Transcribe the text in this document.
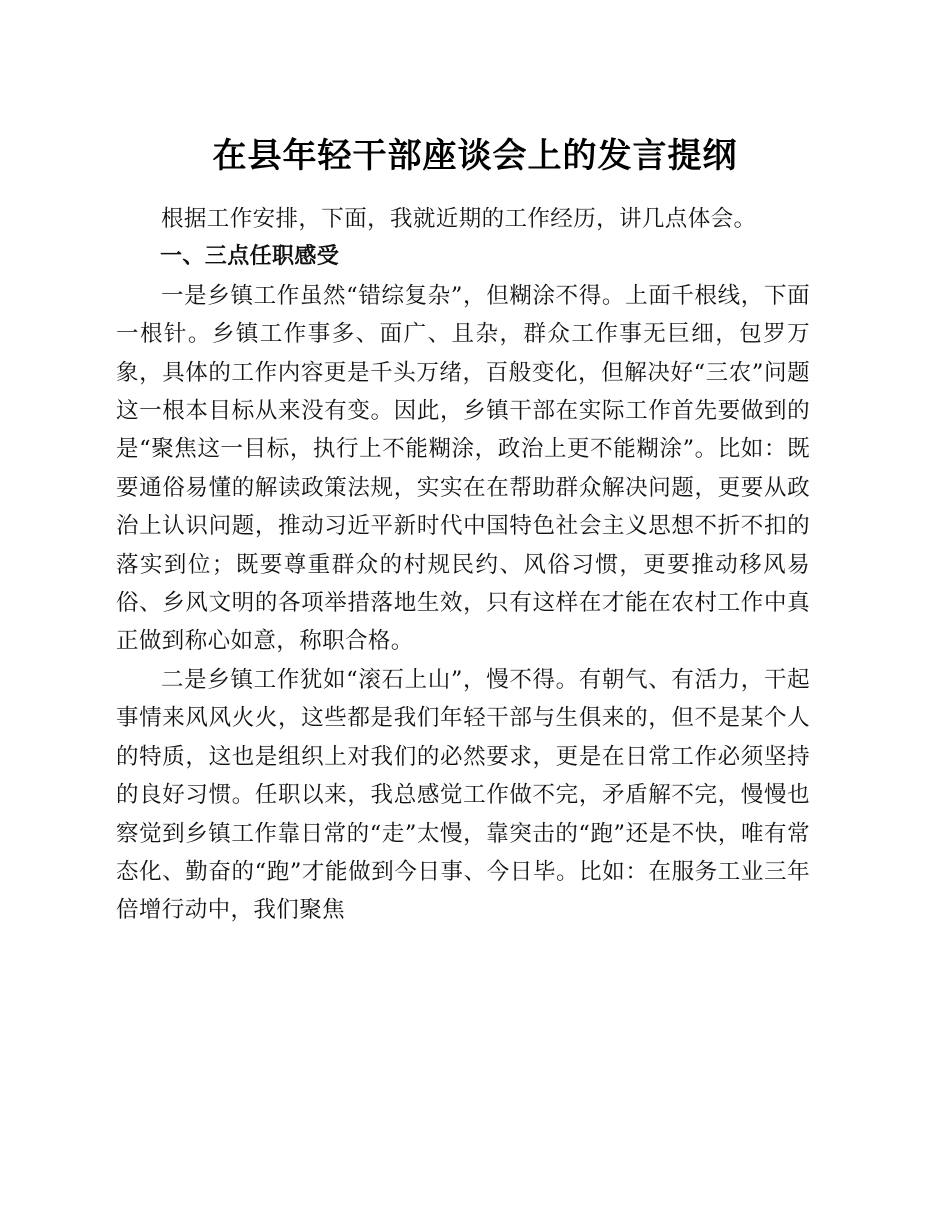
在县年轻干部座谈会上的发言提纲

根据工作安排，下面，我就近期的工作经历，讲几点体会。

一、三点任职感受

一是乡镇工作虽然“错综复杂”，但糊涂不得。上面千根线，下面一根针。乡镇工作事多、面广、且杂，群众工作事无巨细，包罗万象，具体的工作内容更是千头万绪，百般变化，但解决好“三农”问题这一根本目标从来没有变。因此，乡镇干部在实际工作首先要做到的是“聚焦这一目标，执行上不能糊涂，政治上更不能糊涂”。比如：既要通俗易懂的解读政策法规，实实在在帮助群众解决问题，更要从政治上认识问题，推动习近平新时代中国特色社会主义思想不折不扣的落实到位；既要尊重群众的村规民约、风俗习惯，更要推动移风易俗、乡风文明的各项举措落地生效，只有这样在才能在农村工作中真正做到称心如意，称职合格。

二是乡镇工作犹如“滚石上山”，慢不得。有朝气、有活力，干起事情来风风火火，这些都是我们年轻干部与生俱来的，但不是某个人的特质，这也是组织上对我们的必然要求，更是在日常工作必须坚持的良好习惯。任职以来，我总感觉工作做不完，矛盾解不完，慢慢也察觉到乡镇工作靠日常的“走”太慢，靠突击的“跑”还是不快，唯有常态化、勤奋的“跑”才能做到今日事、今日毕。比如：在服务工业三年倍增行动中，我们聚焦
